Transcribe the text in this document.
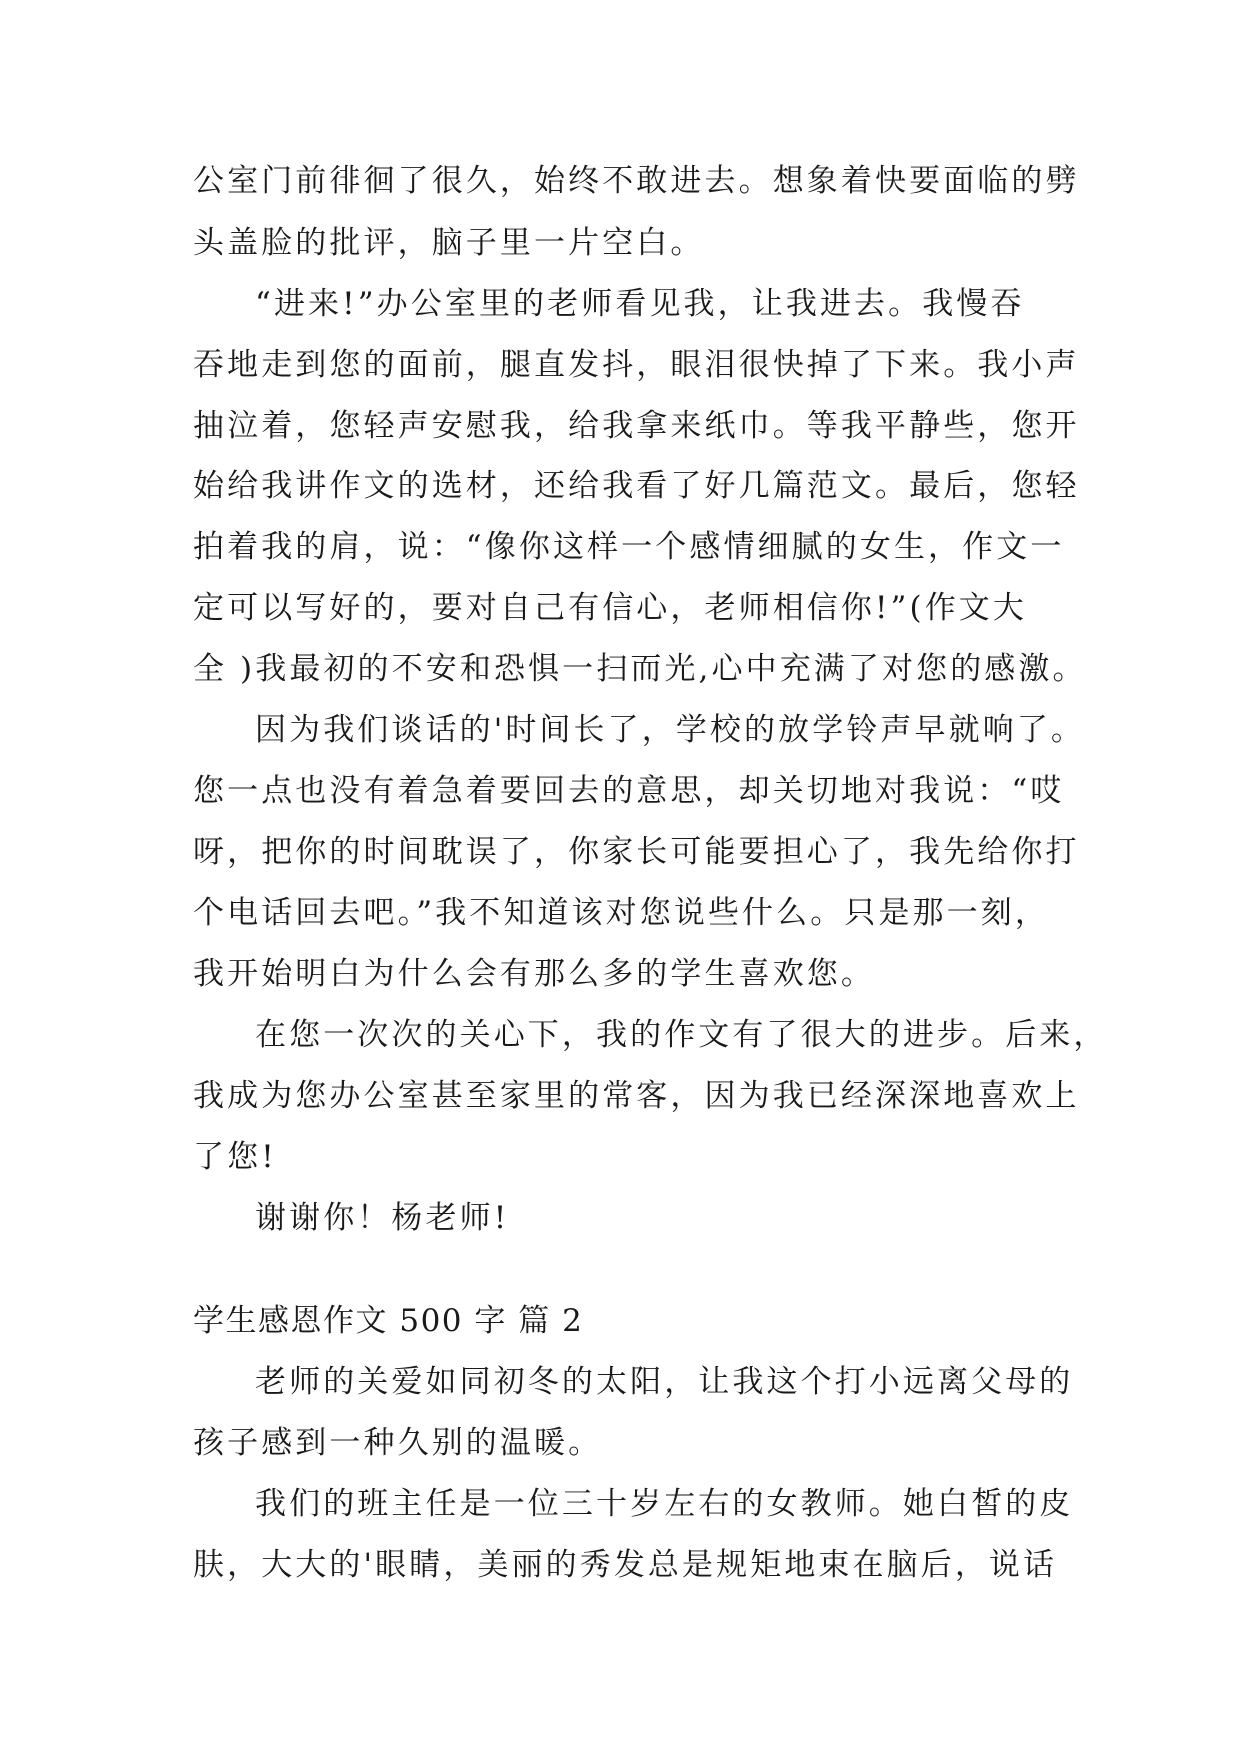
公室门前徘徊了很久，始终不敢进去。想象着快要面临的劈
头盖脸的批评，脑子里一片空白。
“进来!”办公室里的老师看见我，让我进去。我慢吞
吞地走到您的面前，腿直发抖，眼泪很快掉了下来。我小声
抽泣着，您轻声安慰我，给我拿来纸巾。等我平静些，您开
始给我讲作文的选材，还给我看了好几篇范文。最后，您轻
拍着我的肩，说：“像你这样一个感情细腻的女生，作文一
定可以写好的，要对自己有信心，老师相信你!”(作文大
全 )我最初的不安和恐惧一扫而光,心中充满了对您的感激。
因为我们谈话的'时间长了，学校的放学铃声早就响了。
您一点也没有着急着要回去的意思，却关切地对我说：“哎
呀，把你的时间耽误了，你家长可能要担心了，我先给你打
个电话回去吧。”我不知道该对您说些什么。只是那一刻，
我开始明白为什么会有那么多的学生喜欢您。
在您一次次的关心下，我的作文有了很大的进步。后来，
我成为您办公室甚至家里的常客，因为我已经深深地喜欢上
了您!
谢谢你！杨老师!
学生感恩作文 500 字 篇 2
老师的关爱如同初冬的太阳，让我这个打小远离父母的
孩子感到一种久别的温暖。
我们的班主任是一位三十岁左右的女教师。她白皙的皮
肤，大大的'眼睛，美丽的秀发总是规矩地束在脑后，说话
